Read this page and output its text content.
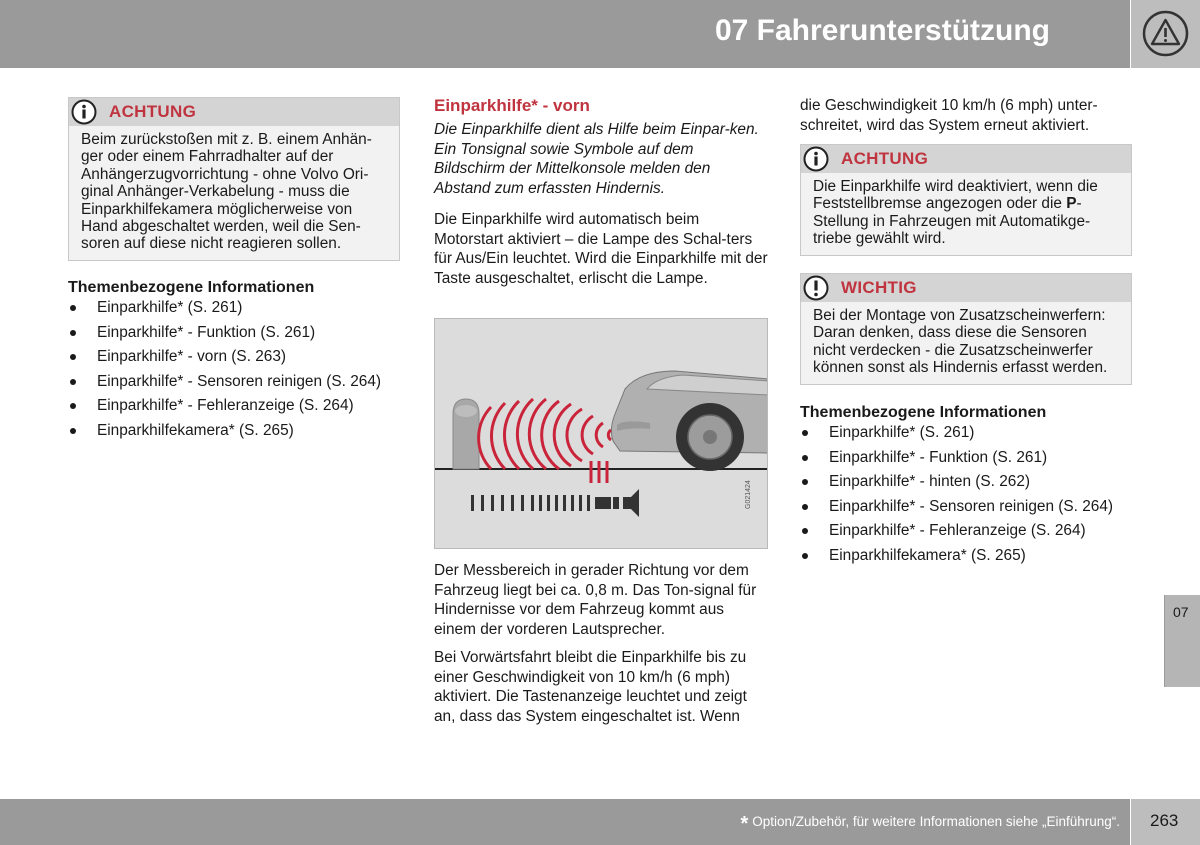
07 Fahrerunterstützung
ACHTUNG
Beim zurückstoßen mit z. B. einem Anhän-ger oder einem Fahrradhalter auf der Anhängerzugvorrichtung - ohne Volvo Ori-ginal Anhänger-Verkabelung - muss die Einparkhilfekamera möglicherweise von Hand abgeschaltet werden, weil die Sen-soren auf diese nicht reagieren sollen.
Themenbezogene Informationen
Einparkhilfe* (S. 261)
Einparkhilfe* - Funktion (S. 261)
Einparkhilfe* - vorn (S. 263)
Einparkhilfe* - Sensoren reinigen (S. 264)
Einparkhilfe* - Fehleranzeige (S. 264)
Einparkhilfekamera* (S. 265)
Einparkhilfe* - vorn

Die Einparkhilfe dient als Hilfe beim Einpar-ken. Ein Tonsignal sowie Symbole auf dem Bildschirm der Mittelkonsole melden den Abstand zum erfassten Hindernis.

Die Einparkhilfe wird automatisch beim Motorstart aktiviert – die Lampe des Schal-ters für Aus/Ein leuchtet. Wird die Einparkhilfe mit der Taste ausgeschaltet, erlischt die Lampe.

G021424

Der Messbereich in gerader Richtung vor dem Fahrzeug liegt bei ca. 0,8 m. Das Ton-signal für Hindernisse vor dem Fahrzeug kommt aus einem der vorderen Lautsprecher.

Bei Vorwärtsfahrt bleibt die Einparkhilfe bis zu einer Geschwindigkeit von 10 km/h (6 mph) aktiviert. Die Tastenanzeige leuchtet und zeigt an, dass das System eingeschaltet ist. Wenn

die Geschwindigkeit 10 km/h (6 mph) unter-schreitet, wird das System erneut aktiviert.

ACHTUNG
Die Einparkhilfe wird deaktiviert, wenn die Feststellbremse angezogen oder die P-Stellung in Fahrzeugen mit Automatikge-triebe gewählt wird.
WICHTIG
Bei der Montage von Zusatzscheinwerfern: Daran denken, dass diese die Sensoren nicht verdecken - die Zusatzscheinwerfer können sonst als Hindernis erfasst werden.
Themenbezogene Informationen
Einparkhilfe* (S. 261)
Einparkhilfe* - Funktion (S. 261)
Einparkhilfe* - hinten (S. 262)
Einparkhilfe* - Sensoren reinigen (S. 264)
Einparkhilfe* - Fehleranzeige (S. 264)
Einparkhilfekamera* (S. 265)
07
* Option/Zubehör, für weitere Informationen siehe „Einführung“. 263
